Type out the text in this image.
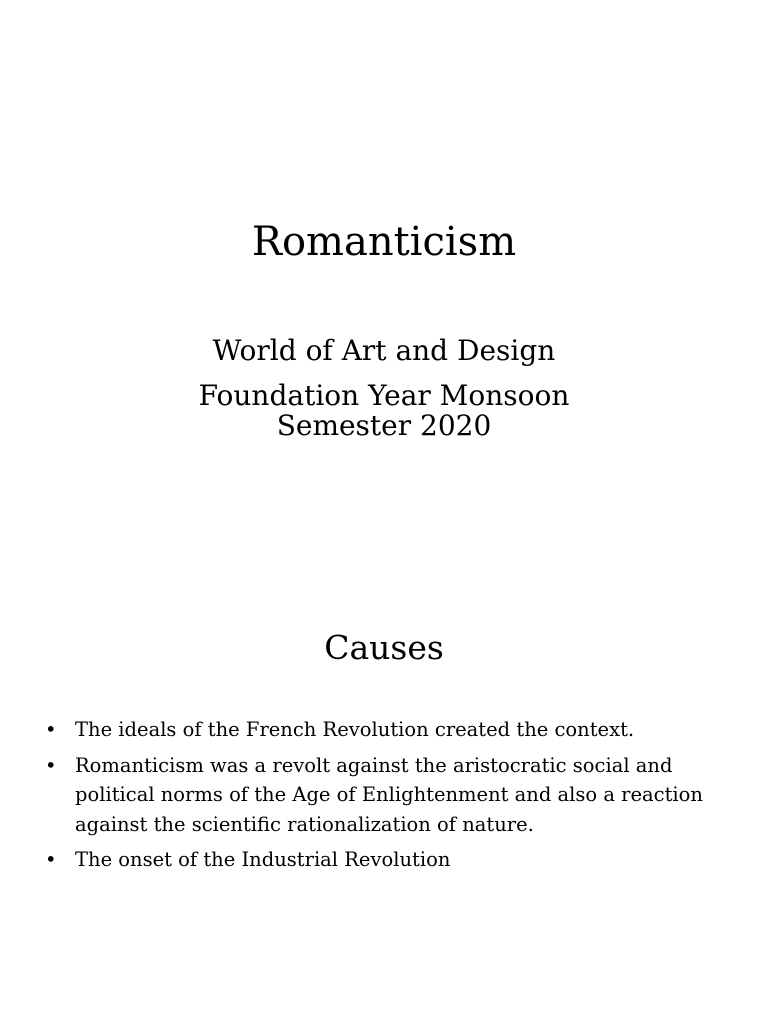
Romanticism

World of Art and Design

Foundation Year Monsoon Semester 2020

Causes
• The ideals of the French Revolution created the context.
• Romanticism was a revolt against the aristocratic social and political norms of the Age of Enlightenment and also a reaction against the scientific rationalization of nature.
• The onset of the Industrial Revolution
